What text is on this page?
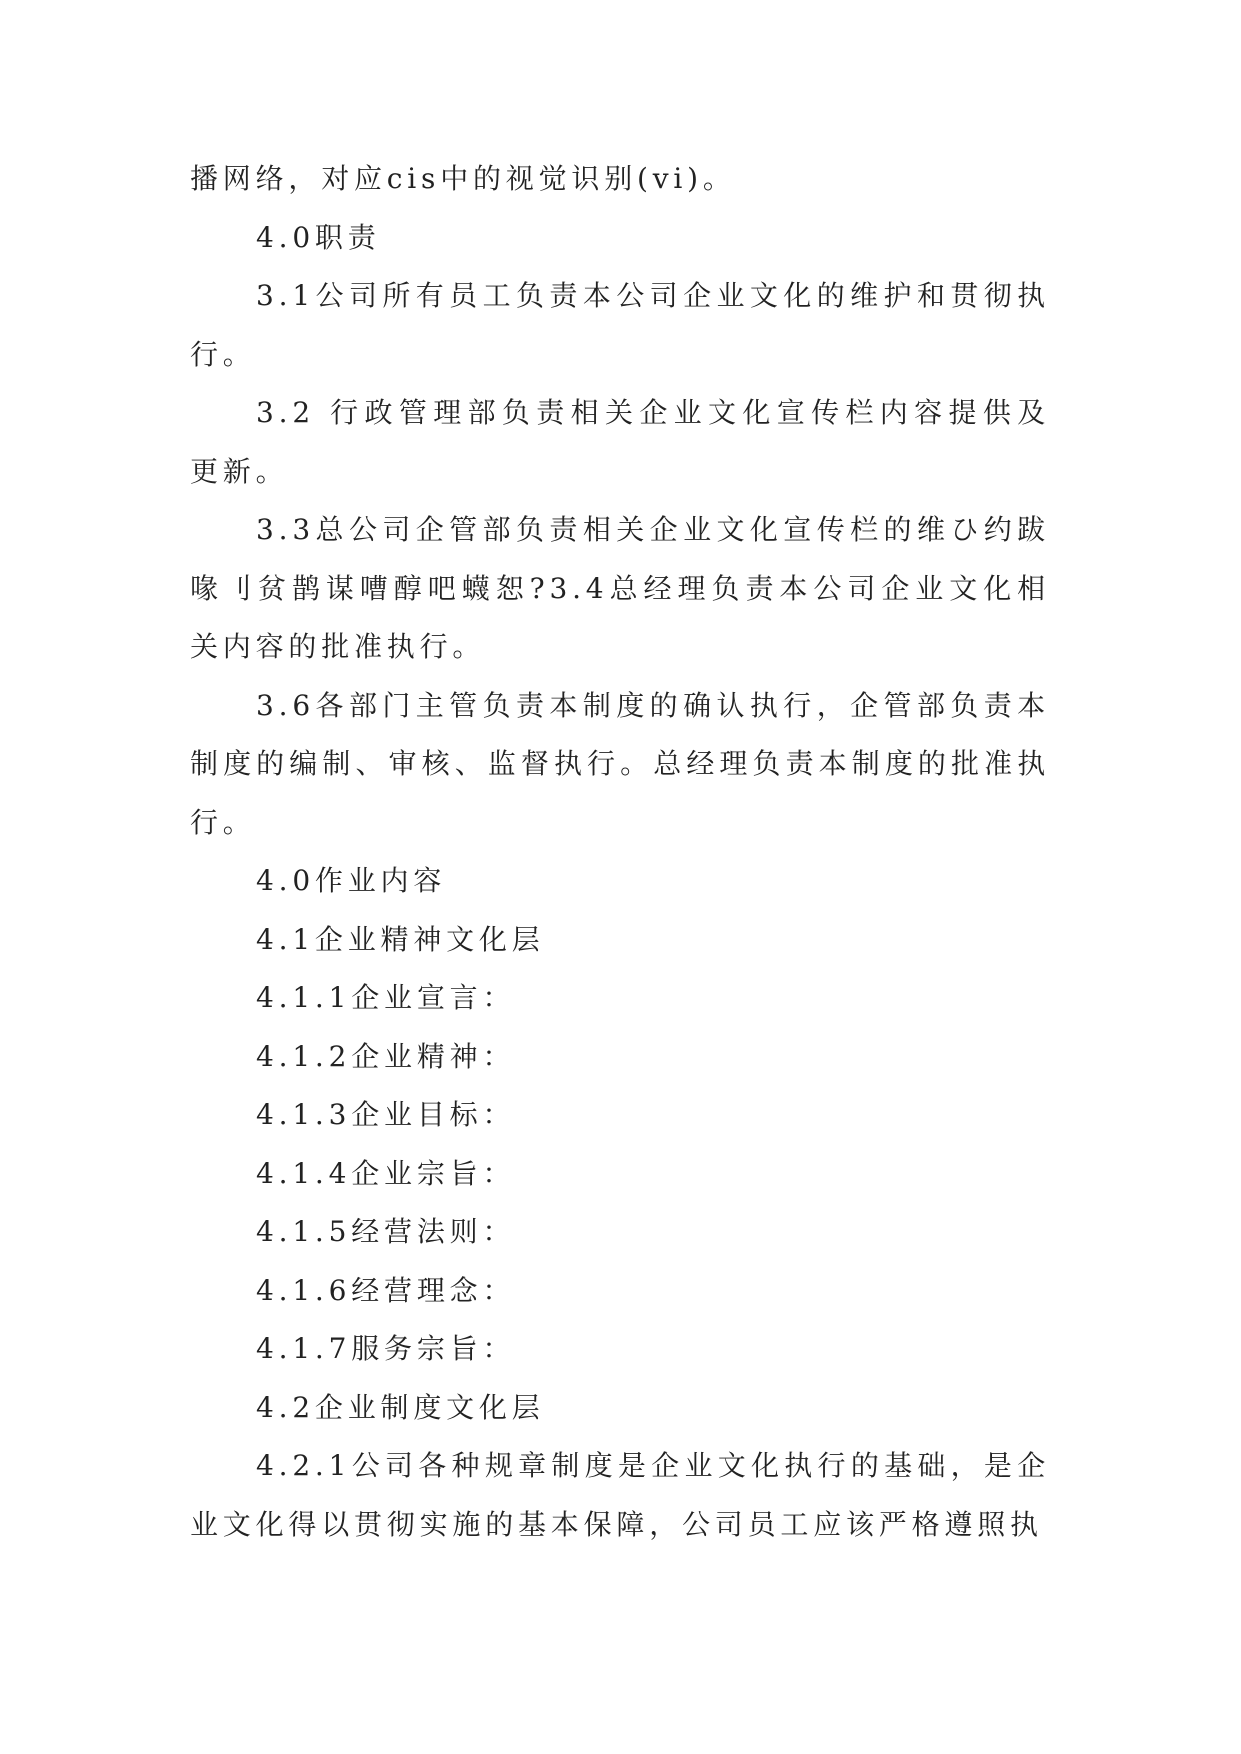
播网络，对应cis中的视觉识别(vi)。

4.0职责

3.1公司所有员工负责本公司企业文化的维护和贯彻执行。

3.2 行政管理部负责相关企业文化宣传栏内容提供及更新。

3.3总公司企管部负责相关企业文化宣传栏的维ひ约跋喙刂贫鹊谋嘈醇吧蠛恕?3.4总经理负责本公司企业文化相关内容的批准执行。

3.6各部门主管负责本制度的确认执行，企管部负责本制度的编制、审核、监督执行。总经理负责本制度的批准执行。

4.0作业内容

4.1企业精神文化层

4.1.1企业宣言：

4.1.2企业精神：

4.1.3企业目标：

4.1.4企业宗旨：

4.1.5经营法则：

4.1.6经营理念：

4.1.7服务宗旨：

4.2企业制度文化层

4.2.1公司各种规章制度是企业文化执行的基础，是企业文化得以贯彻实施的基本保障，公司员工应该严格遵照执
